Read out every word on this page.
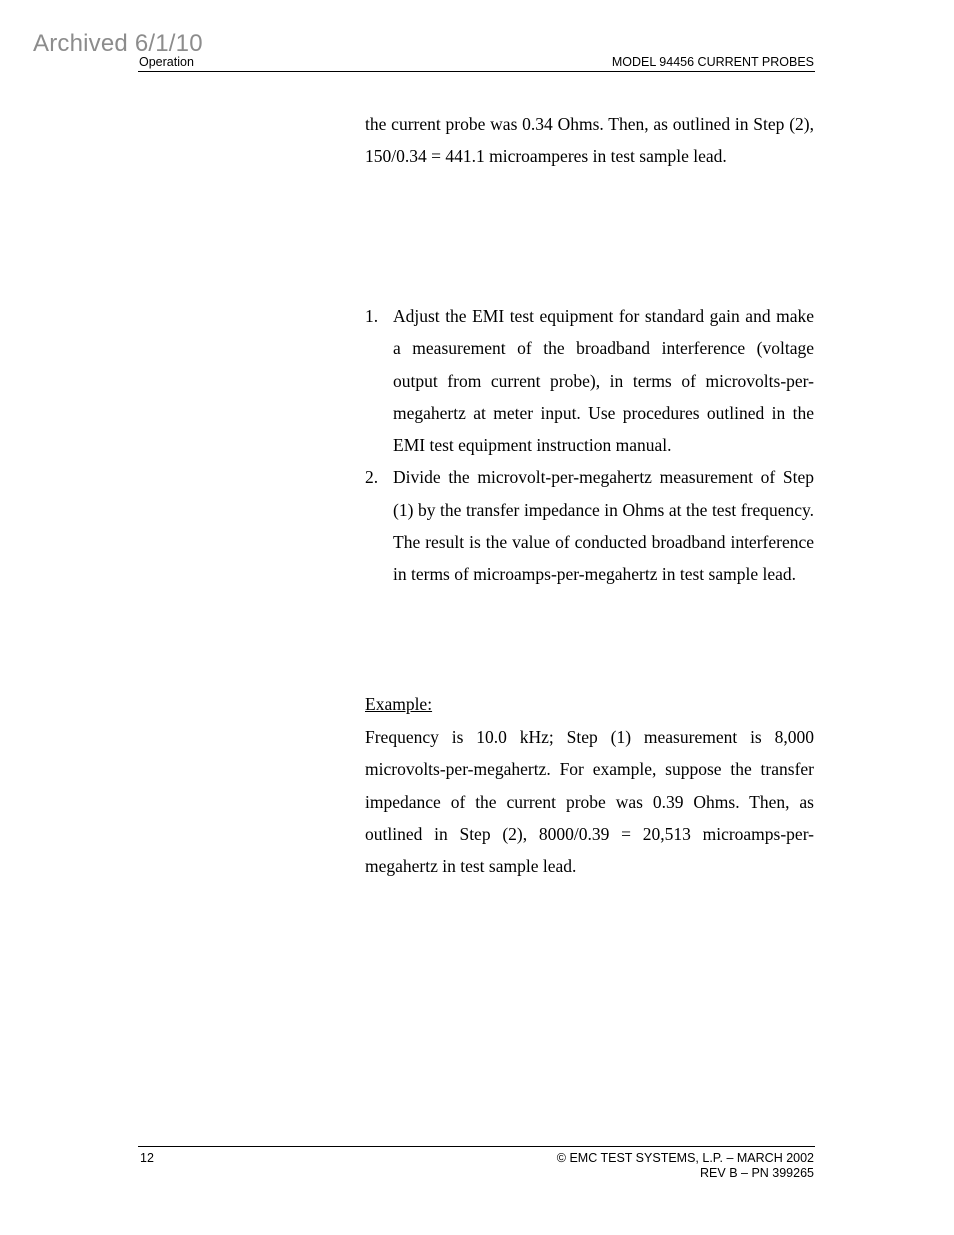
Archived 6/1/10
Operation	MODEL 94456 CURRENT PROBES
the current probe was 0.34 Ohms. Then, as outlined in Step (2), 150/0.34 = 441.1 microamperes in test sample lead.
1. Adjust the EMI test equipment for standard gain and make a measurement of the broadband interference (voltage output from current probe), in terms of microvolts-per-megahertz at meter input. Use procedures outlined in the EMI test equipment instruction manual.
2. Divide the microvolt-per-megahertz measurement of Step (1) by the transfer impedance in Ohms at the test frequency. The result is the value of conducted broadband interference in terms of microamps-per-megahertz in test sample lead.
Example:
Frequency is 10.0 kHz; Step (1) measurement is 8,000 microvolts-per-megahertz. For example, suppose the transfer impedance of the current probe was 0.39 Ohms. Then, as outlined in Step (2), 8000/0.39 = 20,513 microamps-per-megahertz in test sample lead.
12	© EMC TEST SYSTEMS, L.P. – MARCH 2002
REV B – PN 399265
